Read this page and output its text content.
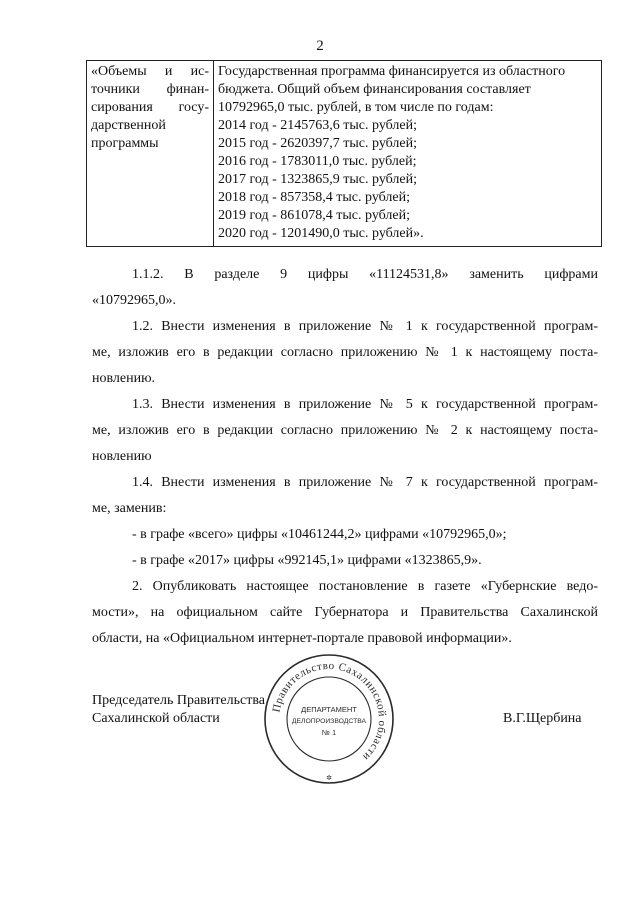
2
«Объемы и ис-
точники финан-
сирования госу-
дарственной
программы

Государственная программа финансируется из областного
бюджета. Общий объем финансирования составляет
10792965,0 тыс. рублей, в том числе по годам:
2014 год - 2145763,6 тыс. рублей;
2015 год - 2620397,7 тыс. рублей;
2016 год - 1783011,0 тыс. рублей;
2017 год - 1323865,9 тыс. рублей;
2018 год - 857358,4 тыс. рублей;
2019 год - 861078,4 тыс. рублей;
2020 год - 1201490,0 тыс. рублей».
1.1.2. В разделе 9 цифры «11124531,8» заменить цифрами
«10792965,0».
1.2. Внести изменения в приложение № 1 к государственной програм-
ме, изложив его в редакции согласно приложению № 1 к настоящему поста-
новлению.
1.3. Внести изменения в приложение № 5 к государственной програм-
ме, изложив его в редакции согласно приложению № 2 к настоящему поста-
новлению
1.4. Внести изменения в приложение № 7 к государственной програм-
ме, заменив:
- в графе «всего» цифры «10461244,2» цифрами «10792965,0»;
- в графе «2017» цифры «992145,1» цифрами «1323865,9».
2. Опубликовать настоящее постановление в газете «Губернские ведо-
мости», на официальном сайте Губернатора и Правительства Сахалинской
области, на «Официальном интернет-портале правовой информации».
Председатель Правительства
Сахалинской области	В.Г.Щербина
Правительство Сахалинской области
ДЕПАРТАМЕНТ
ДЕЛОПРОИЗВОДСТВА
№ 1
✲
